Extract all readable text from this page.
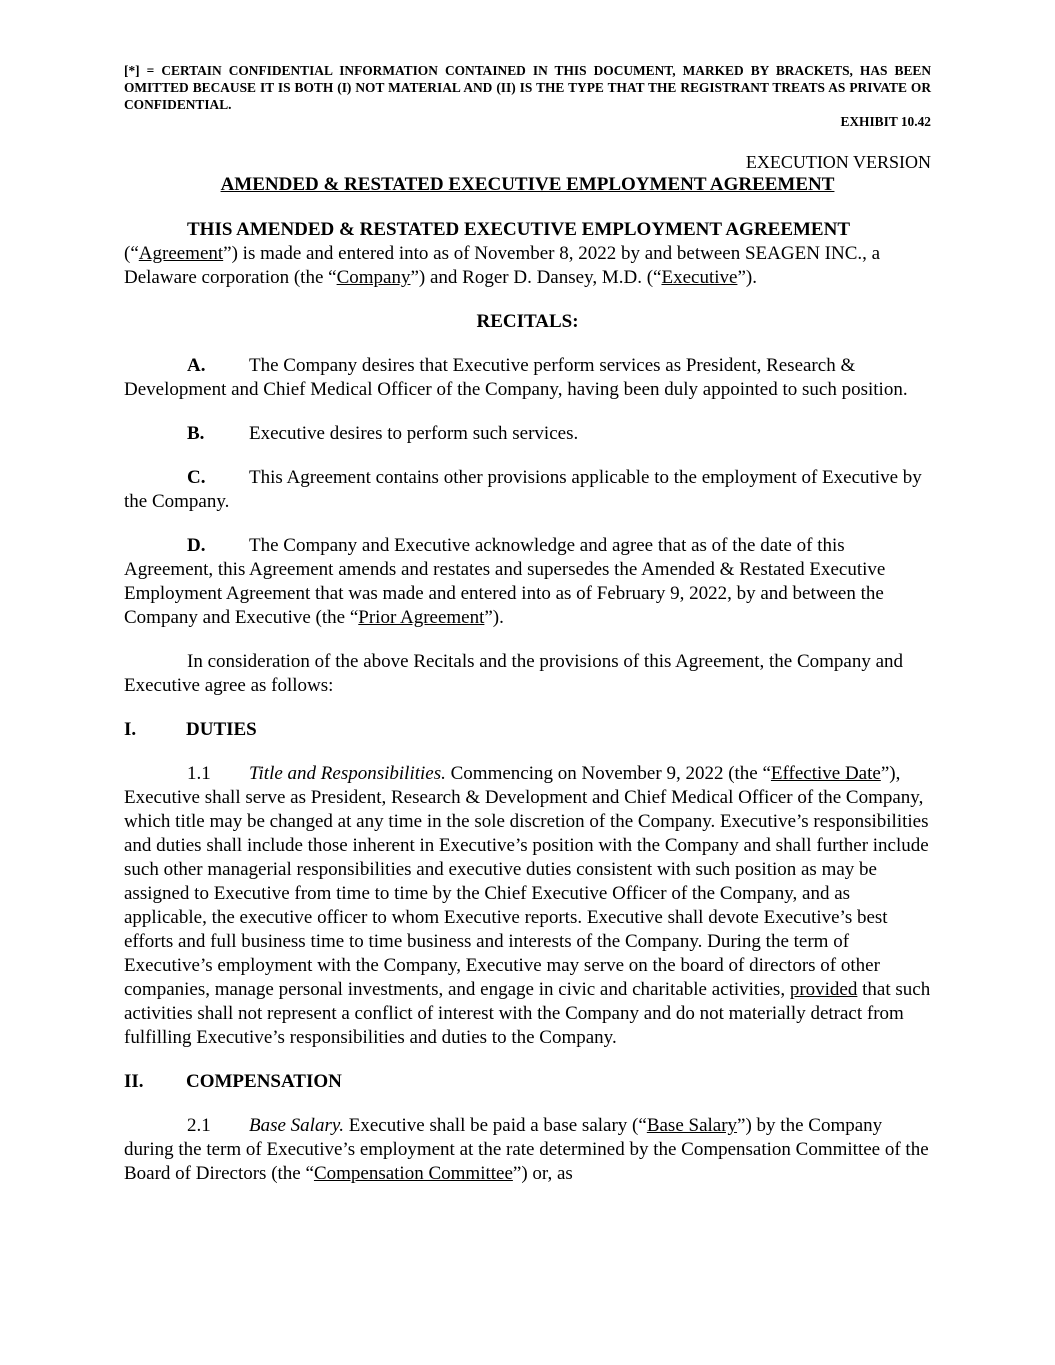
[*] = CERTAIN CONFIDENTIAL INFORMATION CONTAINED IN THIS DOCUMENT, MARKED BY BRACKETS, HAS BEEN OMITTED BECAUSE IT IS BOTH (I) NOT MATERIAL AND (II) IS THE TYPE THAT THE REGISTRANT TREATS AS PRIVATE OR CONFIDENTIAL.

EXHIBIT 10.42

EXECUTION VERSION

AMENDED & RESTATED EXECUTIVE EMPLOYMENT AGREEMENT

THIS AMENDED & RESTATED EXECUTIVE EMPLOYMENT AGREEMENT
(“Agreement”) is made and entered into as of November 8, 2022 by and between SEAGEN INC., a Delaware corporation (the “Company”) and Roger D. Dansey, M.D. (“Executive”).

RECITALS:

A. The Company desires that Executive perform services as President, Research & Development and Chief Medical Officer of the Company, having been duly appointed to such position.

B. Executive desires to perform such services.

C. This Agreement contains other provisions applicable to the employment of Executive by the Company.

D. The Company and Executive acknowledge and agree that as of the date of this Agreement, this Agreement amends and restates and supersedes the Amended & Restated Executive Employment Agreement that was made and entered into as of February 9, 2022, by and between the Company and Executive (the “Prior Agreement”).

In consideration of the above Recitals and the provisions of this Agreement, the Company and Executive agree as follows:

I.	DUTIES

1.1 Title and Responsibilities. Commencing on November 9, 2022 (the “Effective Date”), Executive shall serve as President, Research & Development and Chief Medical Officer of the Company, which title may be changed at any time in the sole discretion of the Company. Executive’s responsibilities and duties shall include those inherent in Executive’s position with the Company and shall further include such other managerial responsibilities and executive duties consistent with such position as may be assigned to Executive from time to time by the Chief Executive Officer of the Company, and as applicable, the executive officer to whom Executive reports. Executive shall devote Executive’s best efforts and full business time to time business and interests of the Company. During the term of Executive’s employment with the Company, Executive may serve on the board of directors of other companies, manage personal investments, and engage in civic and charitable activities, provided that such activities shall not represent a conflict of interest with the Company and do not materially detract from fulfilling Executive’s responsibilities and duties to the Company.

II. COMPENSATION

2.1 Base Salary. Executive shall be paid a base salary (“Base Salary”) by the Company during the term of Executive’s employment at the rate determined by the Compensation Committee of the Board of Directors (the “Compensation Committee”) or, as
